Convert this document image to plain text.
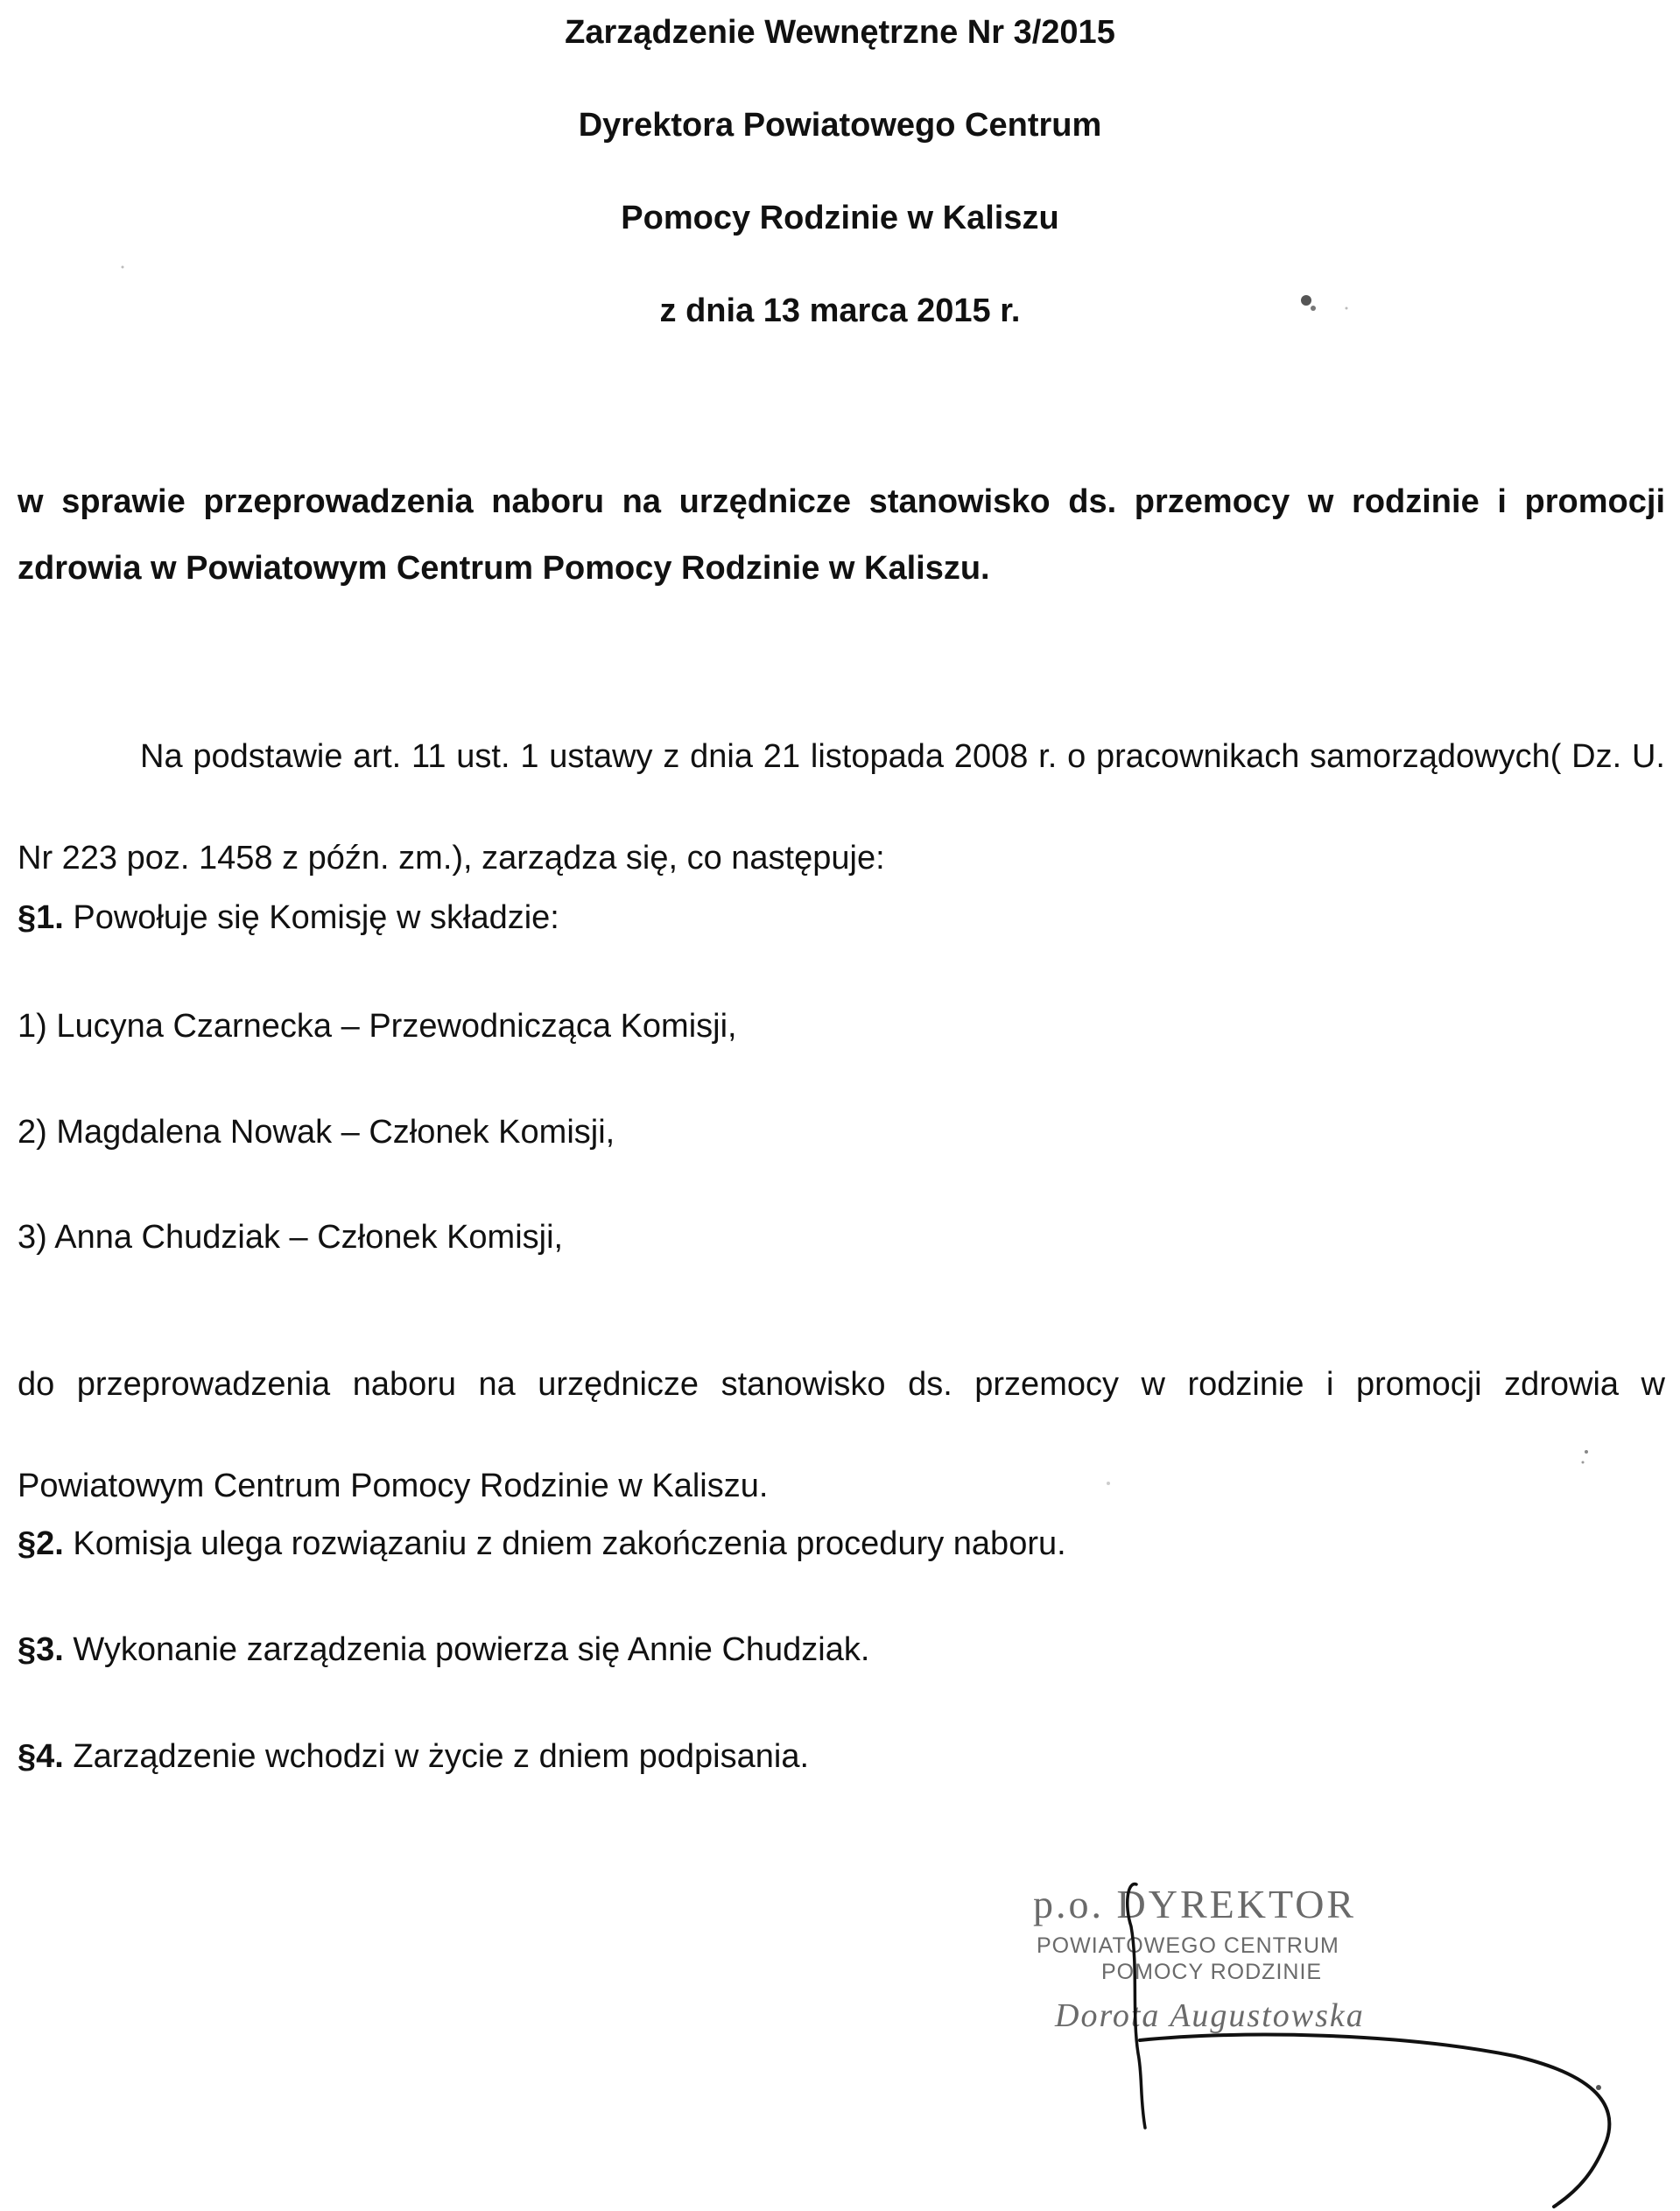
Zarządzenie Wewnętrzne Nr 3/2015
Dyrektora Powiatowego Centrum
Pomocy Rodzinie w Kaliszu
z dnia 13 marca 2015 r.
w sprawie przeprowadzenia naboru na urzędnicze stanowisko ds. przemocy w rodzinie i promocji zdrowia w Powiatowym Centrum Pomocy Rodzinie w Kaliszu.
Na podstawie art. 11 ust. 1 ustawy z dnia 21 listopada 2008 r. o pracownikach samorządowych( Dz. U. Nr 223 poz. 1458 z późn. zm.), zarządza się, co następuje:
§1. Powołuje się Komisję w składzie:
1) Lucyna Czarnecka – Przewodnicząca Komisji,
2) Magdalena Nowak – Członek Komisji,
3) Anna Chudziak – Członek Komisji,
do przeprowadzenia naboru na urzędnicze stanowisko ds. przemocy w rodzinie i promocji zdrowia w Powiatowym Centrum Pomocy Rodzinie w Kaliszu.
§2. Komisja ulega rozwiązaniu z dniem zakończenia procedury naboru.
§3. Wykonanie zarządzenia powierza się Annie Chudziak.
§4. Zarządzenie wchodzi w życie z dniem podpisania.
p.o. DYREKTOR
POWIATOWEGO CENTRUM
POMOCY RODZINIE
Dorota Augustowska
